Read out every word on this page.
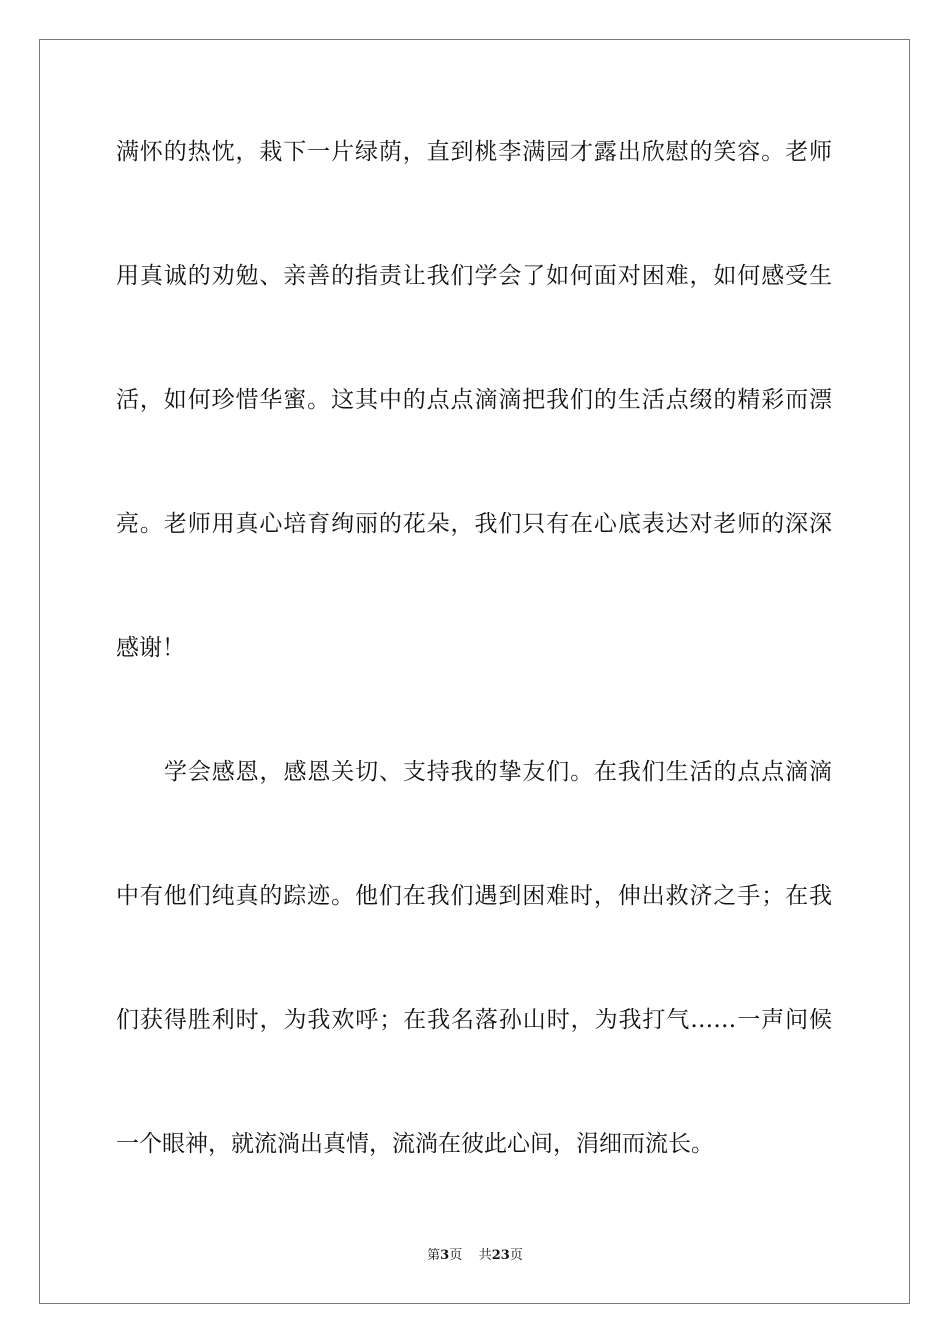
满怀的热忱，栽下一片绿荫，直到桃李满园才露出欣慰的笑容。老师
用真诚的劝勉、亲善的指责让我们学会了如何面对困难，如何感受生
活，如何珍惜华蜜。这其中的点点滴滴把我们的生活点缀的精彩而漂
亮。老师用真心培育绚丽的花朵，我们只有在心底表达对老师的深深
感谢！
学会感恩，感恩关切、支持我的挚友们。在我们生活的点点滴滴
中有他们纯真的踪迹。他们在我们遇到困难时，伸出救济之手；在我
们获得胜利时，为我欢呼；在我名落孙山时，为我打气……一声问候
一个眼神，就流淌出真情，流淌在彼此心间，涓细而流长。
第3页 共23页
